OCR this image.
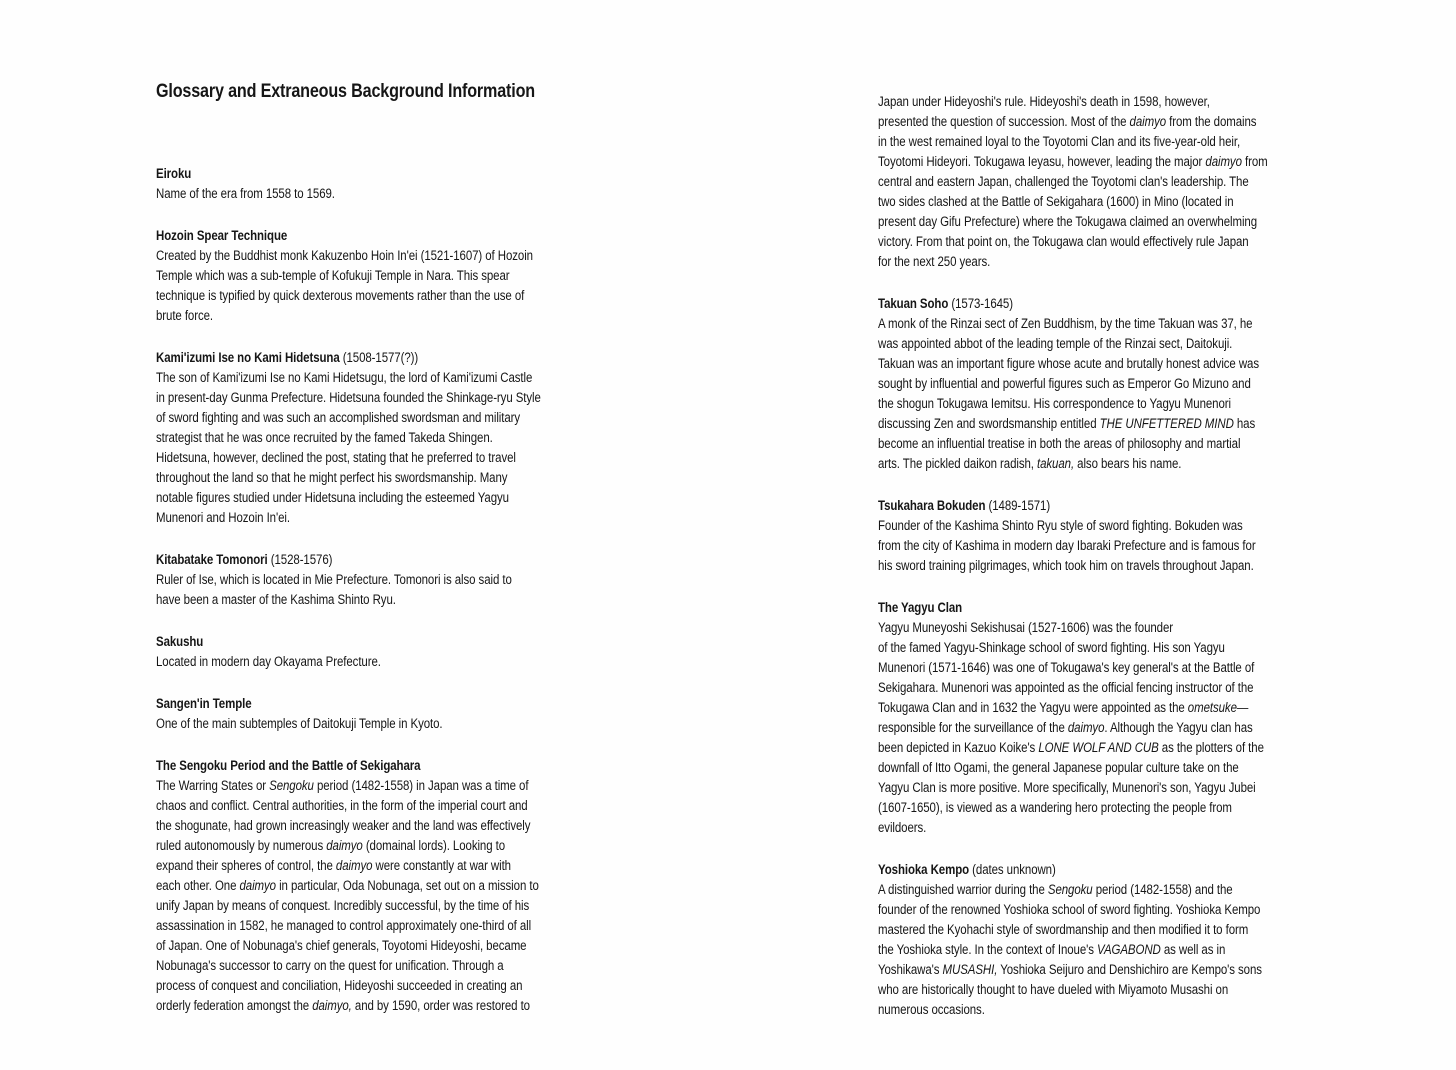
Glossary and Extraneous Background Information
Eiroku
Name of the era from 1558 to 1569.
Hozoin Spear Technique
Created by the Buddhist monk Kakuzenbo Hoin In'ei (1521-1607) of Hozoin
Temple which was a sub-temple of Kofukuji Temple in Nara. This spear
technique is typified by quick dexterous movements rather than the use of
brute force.
Kami'izumi Ise no Kami Hidetsuna (1508-1577(?))
The son of Kami'izumi Ise no Kami Hidetsugu, the lord of Kami'izumi Castle
in present-day Gunma Prefecture. Hidetsuna founded the Shinkage-ryu Style
of sword fighting and was such an accomplished swordsman and military
strategist that he was once recruited by the famed Takeda Shingen.
Hidetsuna, however, declined the post, stating that he preferred to travel
throughout the land so that he might perfect his swordsmanship. Many
notable figures studied under Hidetsuna including the esteemed Yagyu
Munenori and Hozoin In'ei.
Kitabatake Tomonori (1528-1576)
Ruler of Ise, which is located in Mie Prefecture. Tomonori is also said to
have been a master of the Kashima Shinto Ryu.
Sakushu
Located in modern day Okayama Prefecture.
Sangen'in Temple
One of the main subtemples of Daitokuji Temple in Kyoto.
The Sengoku Period and the Battle of Sekigahara
The Warring States or Sengoku period (1482-1558) in Japan was a time of
chaos and conflict. Central authorities, in the form of the imperial court and
the shogunate, had grown increasingly weaker and the land was effectively
ruled autonomously by numerous daimyo (domainal lords). Looking to
expand their spheres of control, the daimyo were constantly at war with
each other. One daimyo in particular, Oda Nobunaga, set out on a mission to
unify Japan by means of conquest. Incredibly successful, by the time of his
assassination in 1582, he managed to control approximately one-third of all
of Japan. One of Nobunaga's chief generals, Toyotomi Hideyoshi, became
Nobunaga's successor to carry on the quest for unification. Through a
process of conquest and conciliation, Hideyoshi succeeded in creating an
orderly federation amongst the daimyo, and by 1590, order was restored to

Japan under Hideyoshi's rule. Hideyoshi's death in 1598, however,
presented the question of succession. Most of the daimyo from the domains
in the west remained loyal to the Toyotomi Clan and its five-year-old heir,
Toyotomi Hideyori. Tokugawa Ieyasu, however, leading the major daimyo from
central and eastern Japan, challenged the Toyotomi clan's leadership. The
two sides clashed at the Battle of Sekigahara (1600) in Mino (located in
present day Gifu Prefecture) where the Tokugawa claimed an overwhelming
victory. From that point on, the Tokugawa clan would effectively rule Japan
for the next 250 years.

Takuan Soho (1573-1645)
A monk of the Rinzai sect of Zen Buddhism, by the time Takuan was 37, he
was appointed abbot of the leading temple of the Rinzai sect, Daitokuji.
Takuan was an important figure whose acute and brutally honest advice was
sought by influential and powerful figures such as Emperor Go Mizuno and
the shogun Tokugawa Iemitsu. His correspondence to Yagyu Munenori
discussing Zen and swordsmanship entitled THE UNFETTERED MIND has
become an influential treatise in both the areas of philosophy and martial
arts. The pickled daikon radish, takuan, also bears his name.
Tsukahara Bokuden (1489-1571)
Founder of the Kashima Shinto Ryu style of sword fighting. Bokuden was
from the city of Kashima in modern day Ibaraki Prefecture and is famous for
his sword training pilgrimages, which took him on travels throughout Japan.
The Yagyu Clan
Yagyu Muneyoshi Sekishusai (1527-1606) was the founder
of the famed Yagyu-Shinkage school of sword fighting. His son Yagyu
Munenori (1571-1646) was one of Tokugawa's key general's at the Battle of
Sekigahara. Munenori was appointed as the official fencing instructor of the
Tokugawa Clan and in 1632 the Yagyu were appointed as the ometsuke—
responsible for the surveillance of the daimyo. Although the Yagyu clan has
been depicted in Kazuo Koike's LONE WOLF AND CUB as the plotters of the
downfall of Itto Ogami, the general Japanese popular culture take on the
Yagyu Clan is more positive. More specifically, Munenori's son, Yagyu Jubei
(1607-1650), is viewed as a wandering hero protecting the people from
evildoers.
Yoshioka Kempo (dates unknown)
A distinguished warrior during the Sengoku period (1482-1558) and the
founder of the renowned Yoshioka school of sword fighting. Yoshioka Kempo
mastered the Kyohachi style of swordmanship and then modified it to form
the Yoshioka style. In the context of Inoue's VAGABOND as well as in
Yoshikawa's MUSASHI, Yoshioka Seijuro and Denshichiro are Kempo's sons
who are historically thought to have dueled with Miyamoto Musashi on
numerous occasions.
